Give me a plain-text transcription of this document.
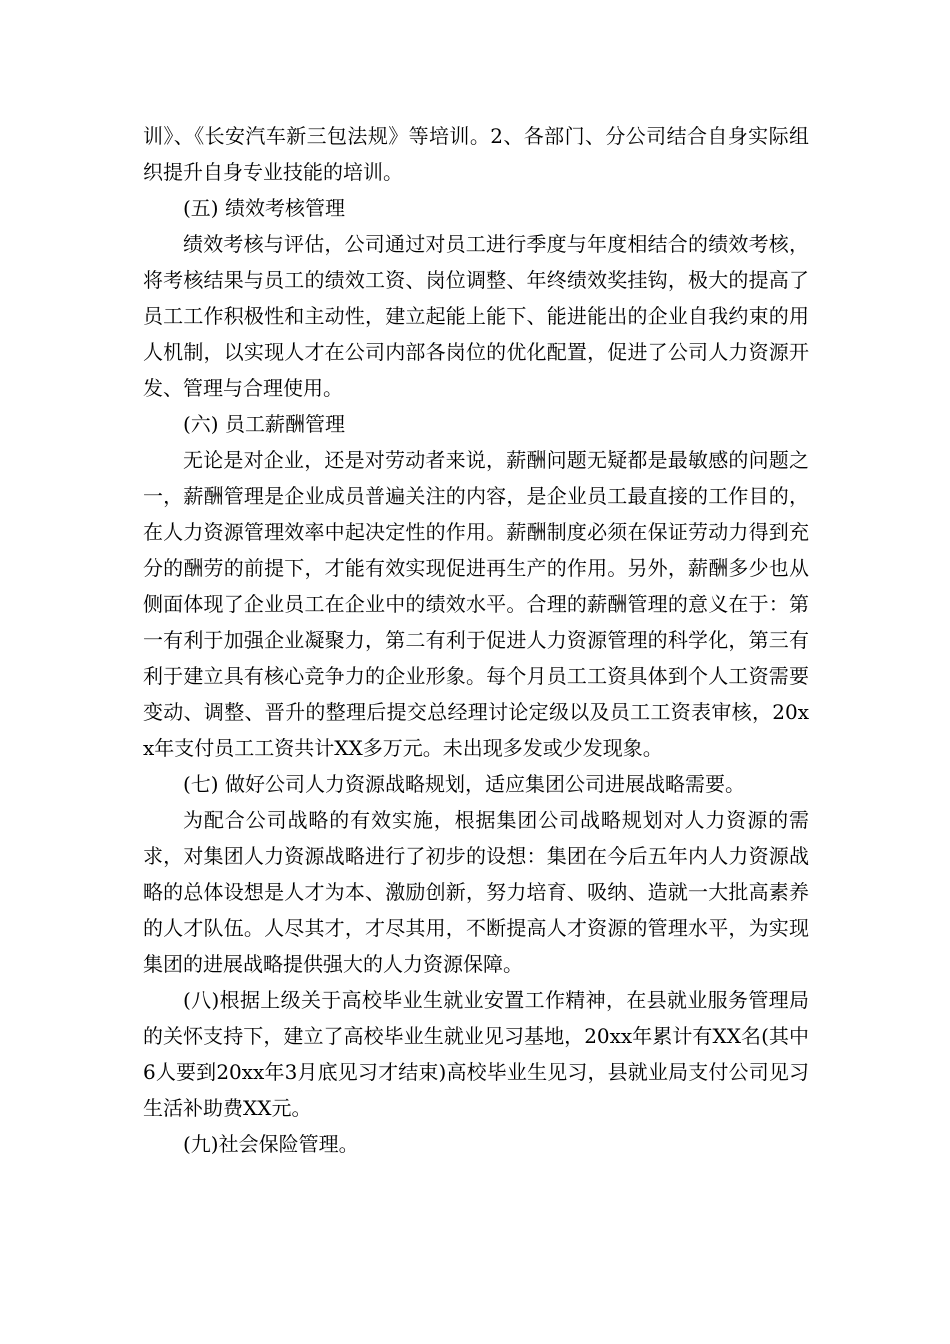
训》、《长安汽车新三包法规》等培训。2、各部门、分公司结合自身实际组织提升自身专业技能的培训。

(五) 绩效考核管理

绩效考核与评估，公司通过对员工进行季度与年度相结合的绩效考核，将考核结果与员工的绩效工资、岗位调整、年终绩效奖挂钩，极大的提高了员工工作积极性和主动性，建立起能上能下、能进能出的企业自我约束的用人机制，以实现人才在公司内部各岗位的优化配置，促进了公司人力资源开发、管理与合理使用。

(六) 员工薪酬管理

无论是对企业，还是对劳动者来说，薪酬问题无疑都是最敏感的问题之一，薪酬管理是企业成员普遍关注的内容，是企业员工最直接的工作目的，在人力资源管理效率中起决定性的作用。薪酬制度必须在保证劳动力得到充分的酬劳的前提下，才能有效实现促进再生产的作用。另外，薪酬多少也从侧面体现了企业员工在企业中的绩效水平。合理的薪酬管理的意义在于：第一有利于加强企业凝聚力，第二有利于促进人力资源管理的科学化，第三有利于建立具有核心竞争力的企业形象。每个月员工工资具体到个人工资需要变动、调整、晋升的整理后提交总经理讨论定级以及员工工资表审核，20xx年支付员工工资共计XX多万元。未出现多发或少发现象。

(七) 做好公司人力资源战略规划，适应集团公司进展战略需要。

为配合公司战略的有效实施，根据集团公司战略规划对人力资源的需求，对集团人力资源战略进行了初步的设想：集团在今后五年内人力资源战略的总体设想是人才为本、激励创新，努力培育、吸纳、造就一大批高素养的人才队伍。人尽其才，才尽其用，不断提高人才资源的管理水平，为实现集团的进展战略提供强大的人力资源保障。

(八)根据上级关于高校毕业生就业安置工作精神，在县就业服务管理局的关怀支持下，建立了高校毕业生就业见习基地，20xx年累计有XX名(其中6人要到20xx年3月底见习才结束)高校毕业生见习，县就业局支付公司见习生活补助费XX元。

(九)社会保险管理。
